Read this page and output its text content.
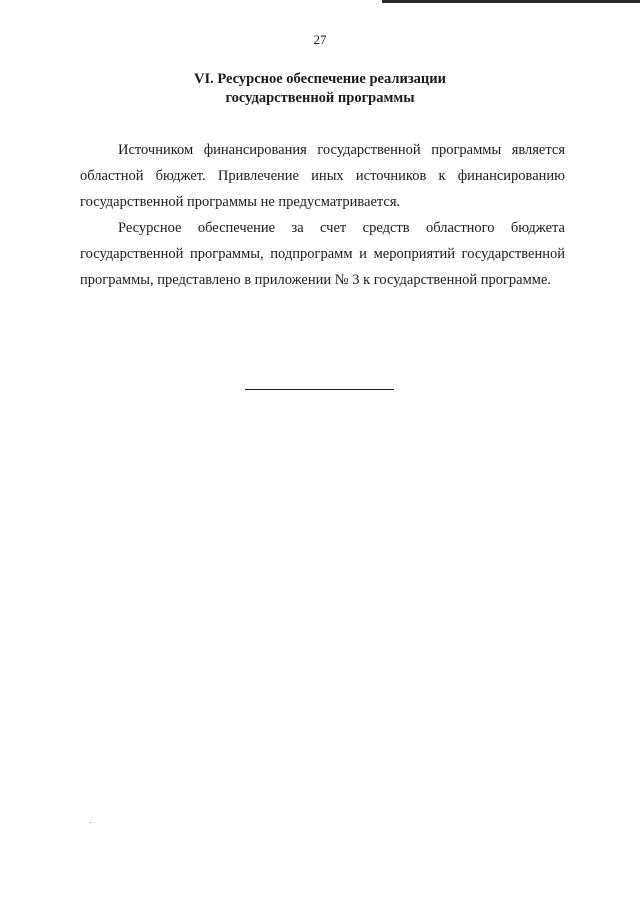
27
VI. Ресурсное обеспечение реализации
государственной программы

Источником финансирования государственной программы является областной бюджет. Привлечение иных источников к финансированию государственной программы не предусматривается.

Ресурсное обеспечение за счет средств областного бюджета государственной программы, подпрограмм и мероприятий государственной программы, представлено в приложении № 3 к государственной программе.
